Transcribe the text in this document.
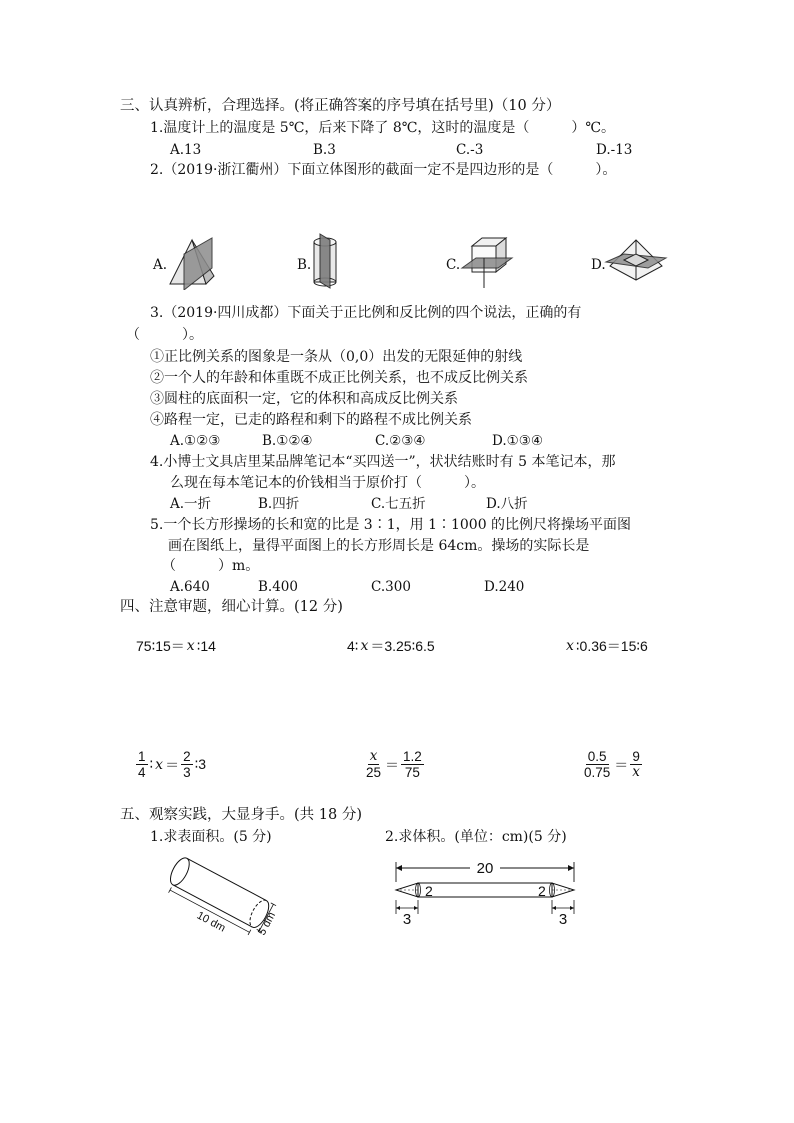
三、认真辨析，合理选择。(将正确答案的序号填在括号里)（10 分）
1.温度计上的温度是 5℃，后来下降了 8℃，这时的温度是（　　　）℃。
A.13	B.3	C.-3	D.-13
2.（2019·浙江衢州）下面立体图形的截面一定不是四边形的是（　　　）。
A.	B.	C.	D.
3.（2019·四川成都）下面关于正比例和反比例的四个说法，正确的有
（　　　）。
①正比例关系的图象是一条从（0,0）出发的无限延伸的射线
②一个人的年龄和体重既不成正比例关系，也不成反比例关系
③圆柱的底面积一定，它的体积和高成反比例关系
④路程一定，已走的路程和剩下的路程不成比例关系
A.①②③	B.①②④	C.②③④	D.①③④
4.小博士文具店里某品牌笔记本“买四送一”，状状结账时有 5 本笔记本，那
么现在每本笔记本的价钱相当于原价打（　　　）。
A.一折	B.四折	C.七五折	D.八折
5.一个长方形操场的长和宽的比是 3∶1，用 1∶1000 的比例尺将操场平面图
画在图纸上，量得平面图上的长方形周长是 64cm。操场的实际长是
（　　　）m。
A.640	B.400	C.300	D.240
四、注意审题，细心计算。(12 分)
75∶15＝ x ∶14	4∶ x ＝3.25∶6.5	x ∶0.36＝15∶6
$\frac{1}{4}$ ∶ $x = \frac{2}{3}$ ∶3	$\frac{x}{25} = \frac{1.2}{75}$	$\frac{0.5}{0.75} = \frac{9}{x}$
五、观察实践，大显身手。(共 18 分)
1.求表面积。(5 分)	2.求体积。(单位：cm)(5 分)
10 dm	5 dm
20
2	2
3	3
